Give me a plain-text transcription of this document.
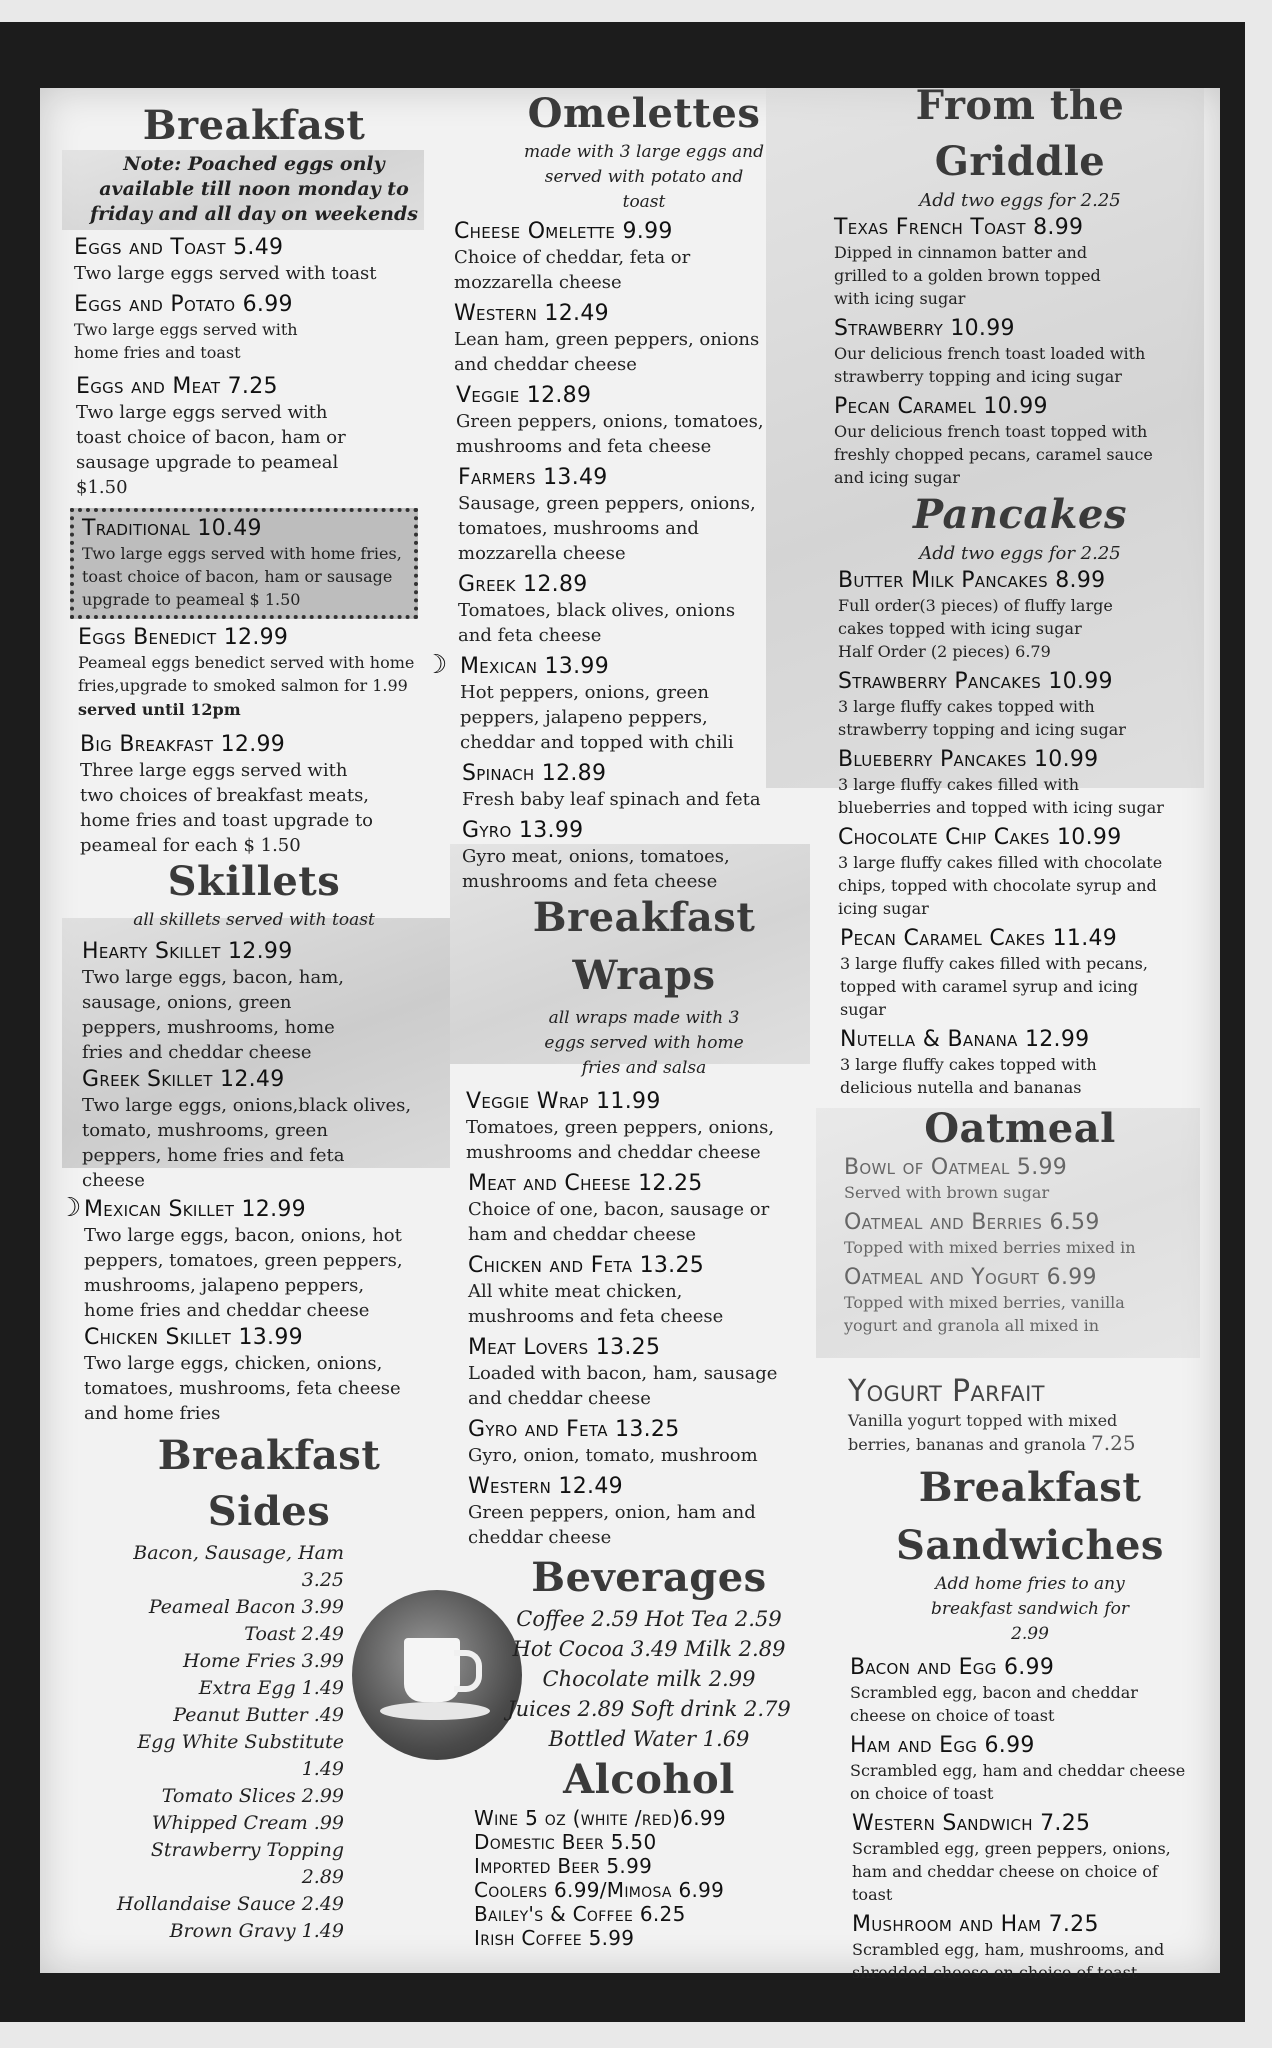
Breakfast
Note: Poached eggs only available till noon monday to friday and all day on weekends
Eggs and Toast 5.49
Two large eggs served with toast
Eggs and Potato 6.99
Two large eggs served with home fries and toast
Eggs and Meat 7.25
Two large eggs served with toast choice of bacon, ham or sausage upgrade to peameal $1.50
Traditional 10.49
Two large eggs served with home fries, toast choice of bacon, ham or sausage upgrade to peameal $ 1.50
Eggs Benedict 12.99
Peameal eggs benedict served with home fries,upgrade to smoked salmon for 1.99
served until 12pm
Big Breakfast 12.99
Three large eggs served with two choices of breakfast meats, home fries and toast upgrade to peameal for each $ 1.50
Skillets
all skillets served with toast
Hearty Skillet 12.99
Two large eggs, bacon, ham, sausage, onions, green peppers, mushrooms, home fries and cheddar cheese
Greek Skillet 12.49
Two large eggs, onions,black olives, tomato, mushrooms, green peppers, home fries and feta cheese
☽ Mexican Skillet 12.99
Two large eggs, bacon, onions, hot peppers, tomatoes, green peppers, mushrooms, jalapeno peppers, home fries and cheddar cheese
Chicken Skillet 13.99
Two large eggs, chicken, onions, tomatoes, mushrooms, feta cheese and home fries
Breakfast
Sides
Bacon, Sausage, Ham 3.25
Peameal Bacon 3.99
Toast 2.49
Home Fries 3.99
Extra Egg 1.49
Peanut Butter .49
Egg White Substitute 1.49
Tomato Slices 2.99
Whipped Cream .99
Strawberry Topping 2.89
Hollandaise Sauce 2.49
Brown Gravy 1.49
Omelettes
made with 3 large eggs and served with potato and toast
Cheese Omelette 9.99
Choice of cheddar, feta or mozzarella cheese
Western 12.49
Lean ham, green peppers, onions and cheddar cheese
Veggie 12.89
Green peppers, onions, tomatoes, mushrooms and feta cheese
Farmers 13.49
Sausage, green peppers, onions, tomatoes, mushrooms and mozzarella cheese
Greek 12.89
Tomatoes, black olives, onions and feta cheese
☽ Mexican 13.99
Hot peppers, onions, green peppers, jalapeno peppers, cheddar and topped with chili
Spinach 12.89
Fresh baby leaf spinach and feta
Gyro 13.99
Gyro meat, onions, tomatoes, mushrooms and feta cheese
Breakfast
Wraps
all wraps made with 3 eggs served with home fries and salsa
Veggie Wrap 11.99
Tomatoes, green peppers, onions, mushrooms and cheddar cheese
Meat and Cheese 12.25
Choice of one, bacon, sausage or ham and cheddar cheese
Chicken and Feta 13.25
All white meat chicken, mushrooms and feta cheese
Meat Lovers 13.25
Loaded with bacon, ham, sausage and cheddar cheese
Gyro and Feta 13.25
Gyro, onion, tomato, mushroom
Western 12.49
Green peppers, onion, ham and cheddar cheese
Beverages
Coffee 2.59 Hot Tea 2.59
Hot Cocoa 3.49 Milk 2.89
Chocolate milk 2.99
Juices 2.89 Soft drink 2.79
Bottled Water 1.69
Alcohol
Wine 5 oz (white /red)6.99
Domestic Beer 5.50
Imported Beer 5.99
Coolers 6.99/Mimosa 6.99
Bailey's & Coffee 6.25
Irish Coffee 5.99
From the
Griddle
Add two eggs for 2.25
Texas French Toast 8.99
Dipped in cinnamon batter and grilled to a golden brown topped with icing sugar
Strawberry 10.99
Our delicious french toast loaded with strawberry topping and icing sugar
Pecan Caramel 10.99
Our delicious french toast topped with freshly chopped pecans, caramel sauce and icing sugar
Pancakes
Add two eggs for 2.25
Butter Milk Pancakes 8.99
Full order(3 pieces) of fluffy large cakes topped with icing sugar
Half Order (2 pieces) 6.79
Strawberry Pancakes 10.99
3 large fluffy cakes topped with strawberry topping and icing sugar
Blueberry Pancakes 10.99
3 large fluffy cakes filled with blueberries and topped with icing sugar
Chocolate Chip Cakes 10.99
3 large fluffy cakes filled with chocolate chips, topped with chocolate syrup and icing sugar
Pecan Caramel Cakes 11.49
3 large fluffy cakes filled with pecans, topped with caramel syrup and icing sugar
Nutella & Banana 12.99
3 large fluffy cakes topped with delicious nutella and bananas
Oatmeal
Bowl of Oatmeal 5.99
Served with brown sugar
Oatmeal and Berries 6.59
Topped with mixed berries mixed in
Oatmeal and Yogurt 6.99
Topped with mixed berries, vanilla yogurt and granola all mixed in
Yogurt Parfait
Vanilla yogurt topped with mixed berries, bananas and granola 7.25
Breakfast
Sandwiches
Add home fries to any breakfast sandwich for 2.99
Bacon and Egg 6.99
Scrambled egg, bacon and cheddar cheese on choice of toast
Ham and Egg 6.99
Scrambled egg, ham and cheddar cheese on choice of toast
Western Sandwich 7.25
Scrambled egg, green peppers, onions, ham and cheddar cheese on choice of toast
Mushroom and Ham 7.25
Scrambled egg, ham, mushrooms, and shredded cheese on choice of toast
